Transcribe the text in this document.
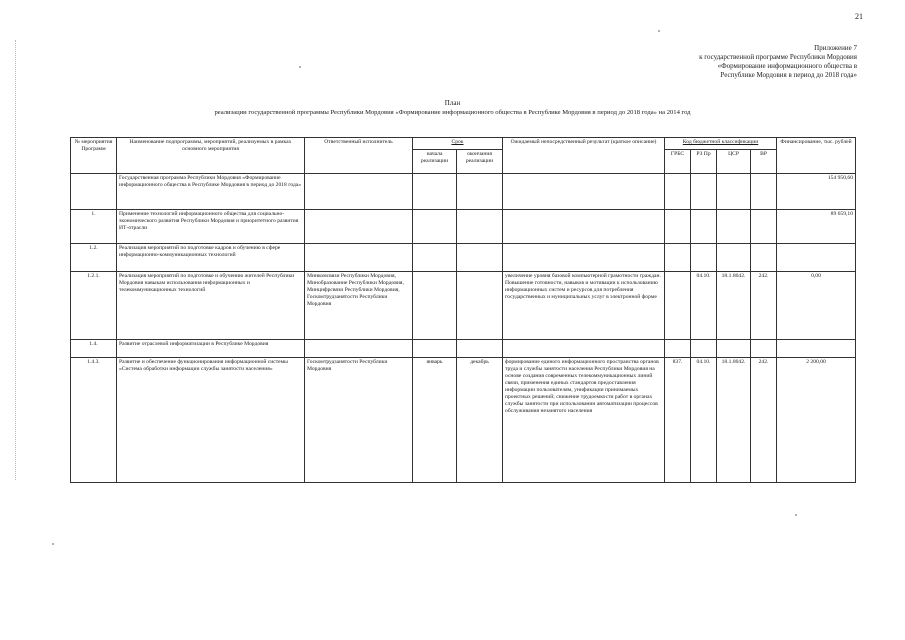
21
Приложение 7
к государственной программе Республики Мордовия
«Формирование информационного общества в
Республике Мордовия в период до 2018 года»
План
реализации государственной программы Республики Мордовия «Формирование информационного общества в Республике Мордовия в период до 2018 года» на 2014 год
№ мероприятия Программ	Наименование подпрограммы, мероприятий, реализуемых в рамках основного мероприятия	Ответственный исполнитель	Срок		Ожидаемый непосредственный результат (краткое описание)	Код бюджетной классификации				Финансирование, тыс. рублей
			начала реализации	окончания реализации		ГРБС	РЗ Пр	ЦСР	ВР	
	Государственная программа Республики Мордовия «Формирование информационного общества в Республике Мордовия в период до 2018 года»									154 950,60
1.	Применение технологий информационного общества для социально-экономического развития Республики Мордовия и приоритетного развития ИТ-отрасли									89 659,10
1.2.	Реализация мероприятий по подготовке кадров и обучению в сфере информационно-коммуникационных технологий									
1.2.1.	Реализация мероприятий по подготовке и обучению жителей Республики Мордовия навыкам использования информационных и телекоммуникационных технологий	Минкомсвязи Республики Мордовия, Минобразование Республики Мордовия, Минцифрсвязи Республики Мордовия, Госкомтрудзанятости Республики Мордовия			увеличение уровня базовой компьютерной грамотности граждан. Повышение готовности, навыков и мотивации к использованию информационных систем и ресурсов для потребления государственных и муниципальных услуг в электронной форме		04.10.	18.1.8042.	242.	0,00
1.4.	Развитие отраслевой информатизации в Республике Мордовия									
1.4.3.	Развитие и обеспечение функционирования информационной системы «Система обработки информации службы занятости населения»	Госкомтрудзанятости Республики Мордовия	январь	декабрь	формирование единого информационного пространства органов труда и службы занятости населения Республики Мордовия на основе создания современных телекоммуникационных линий связи, применения единых стандартов предоставления информации пользователям, унификации принимаемых проектных решений; снижение трудоемкости работ в органах службы занятости при использовании автоматизации процессов обслуживания незанятого населения	837.	04.10.	18.1.8042.	242.	2 200,00
